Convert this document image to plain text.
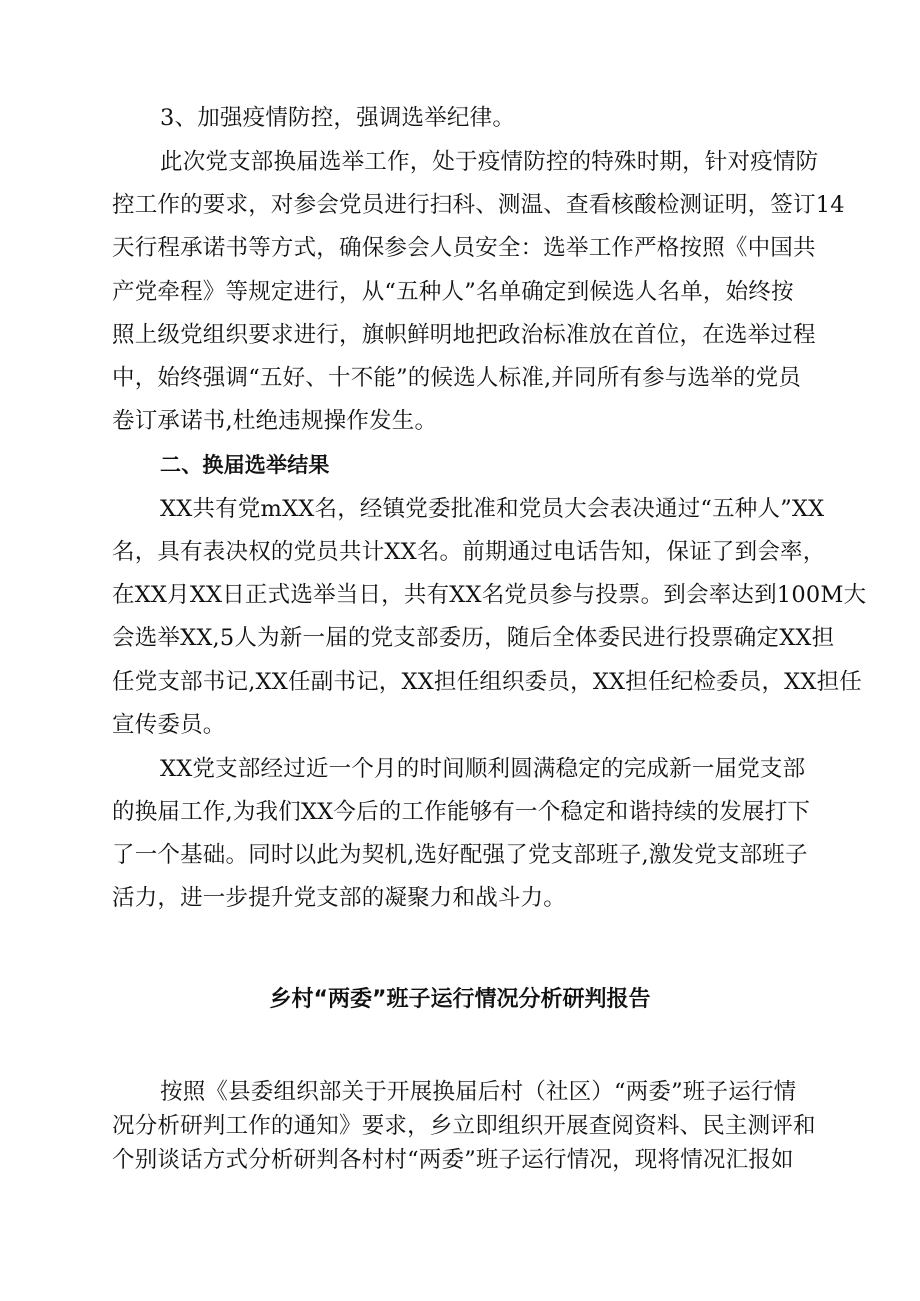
3、加强疫情防控，强调选举纪律。
此次党支部换届选举工作，处于疫情防控的特殊时期，针对疫情防
控工作的要求，对参会党员进行扫科、测温、查看核酸检测证明，签订14
天行程承诺书等方式，确保参会人员安全：选举工作严格按照《中国共
产党牵程》等规定进行，从“五种人”名单确定到候选人名单，始终按
照上级党组织要求进行，旗帜鲜明地把政治标准放在首位，在选举过程
中，始终强调“五好、十不能”的候选人标准,并同所有参与选举的党员
卷订承诺书,杜绝违规操作发生。
二、换届选举结果
XX共有党mXX名，经镇党委批准和党员大会表决通过“五种人”XX
名，具有表决权的党员共计XX名。前期通过电话告知，保证了到会率，
在XX月XX日正式选举当日，共有XX名党员参与投票。到会率达到100M大
会选举XX,5人为新一届的党支部委历，随后全体委民进行投票确定XX担
任党支部书记,XX任副书记，XX担任组织委员，XX担任纪检委员，XX担任
宣传委员。
XX党支部经过近一个月的时间顺利圆满稳定的完成新一届党支部
的换届工作,为我们XX今后的工作能够有一个稳定和谐持续的发展打下
了一个基础。同时以此为契机,选好配强了党支部班子,激发党支部班子
活力，进一步提升党支部的凝聚力和战斗力。
乡村“两委”班子运行情况分析研判报告
按照《县委组织部关于开展换届后村（社区）“两委”班子运行情
况分析研判工作的通知》要求，乡立即组织开展查阅资料、民主测评和
个别谈话方式分析研判各村村“两委”班子运行情况，现将情况汇报如
